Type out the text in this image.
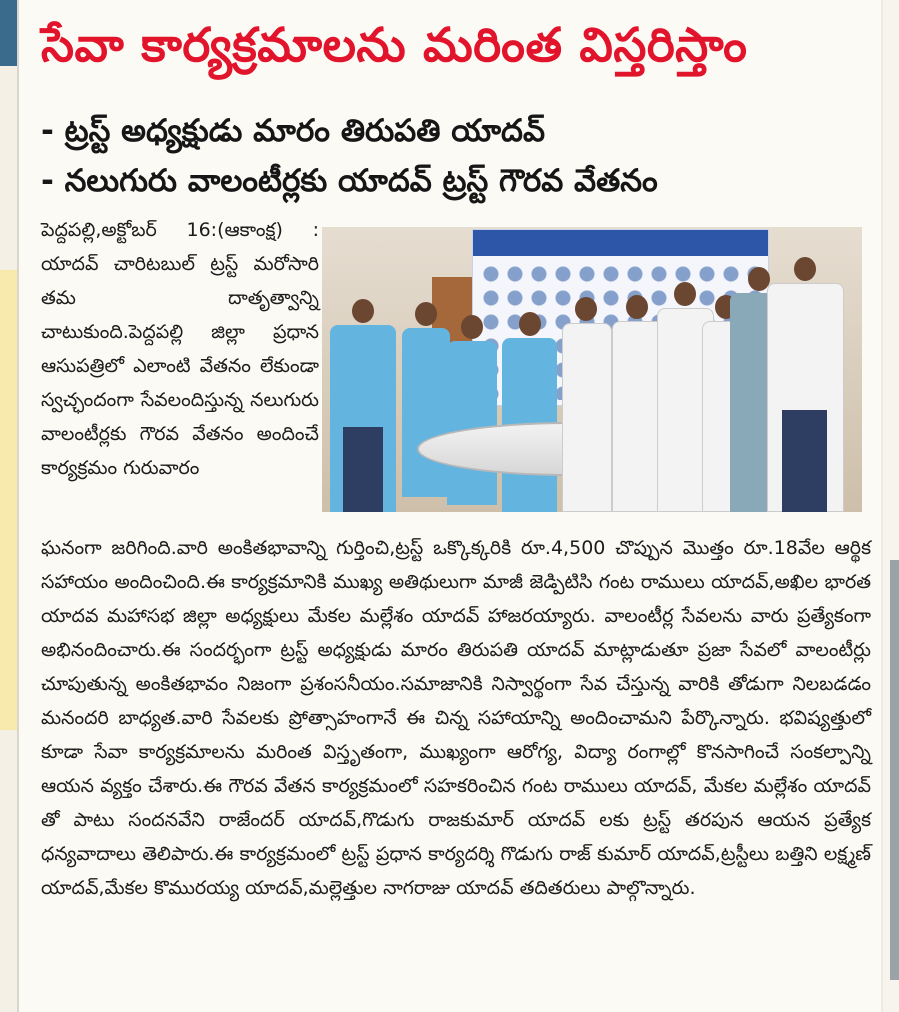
సేవా కార్యక్రమాలను మరింత విస్తరిస్తాం
- ట్రస్ట్ అధ్యక్షుడు మారం తిరుపతి యాదవ్
- నలుగురు వాలంటీర్లకు యాదవ్ ట్రస్ట్ గౌరవ వేతనం
పెద్దపల్లి,అక్టోబర్ 16:(ఆకాంక్ష) : యాదవ్ చారిటబుల్ ట్రస్ట్ మరోసారి తమ దాతృత్వాన్ని చాటుకుంది.పెద్దపల్లి జిల్లా ప్రధాన ఆసుపత్రిలో ఎలాంటి వేతనం లేకుండా స్వచ్ఛందంగా సేవలందిస్తున్న నలుగురు వాలంటీర్లకు గౌరవ వేతనం అందించే కార్యక్రమం గురువారం
ఘనంగా జరిగింది.వారి అంకితభావాన్ని గుర్తించి,ట్రస్ట్ ఒక్కొక్కరికి రూ.4,500 చొప్పున మొత్తం రూ.18వేల ఆర్థిక సహాయం అందించింది.ఈ కార్యక్రమానికి ముఖ్య అతిథులుగా మాజీ జెడ్పిటిసి గంట రాములు యాదవ్,అఖిల భారత యాదవ మహాసభ జిల్లా అధ్యక్షులు మేకల మల్లేశం యాదవ్ హాజరయ్యారు. వాలంటీర్ల సేవలను వారు ప్రత్యేకంగా అభినందించారు.ఈ సందర్భంగా ట్రస్ట్ అధ్యక్షుడు మారం తిరుపతి యాదవ్ మాట్లాడుతూ ప్రజా సేవలో వాలంటీర్లు చూపుతున్న అంకితభావం నిజంగా ప్రశంసనీయం.సమాజానికి నిస్వార్థంగా సేవ చేస్తున్న వారికి తోడుగా నిలబడడం మనందరి బాధ్యత.వారి సేవలకు ప్రోత్సాహంగానే ఈ చిన్న సహాయాన్ని అందించామని పేర్కొన్నారు. భవిష్యత్తులో కూడా సేవా కార్యక్రమాలను మరింత విస్తృతంగా, ముఖ్యంగా ఆరోగ్య, విద్యా రంగాల్లో కొనసాగించే సంకల్పాన్ని ఆయన వ్యక్తం చేశారు.ఈ గౌరవ వేతన కార్యక్రమంలో సహకరించిన గంట రాములు యాదవ్, మేకల మల్లేశం యాదవ్ తో పాటు సందనవేని రాజేందర్ యాదవ్,గొడుగు రాజకుమార్ యాదవ్ లకు ట్రస్ట్ తరపున ఆయన ప్రత్యేక ధన్యవాదాలు తెలిపారు.ఈ కార్యక్రమంలో ట్రస్ట్ ప్రధాన కార్యదర్శి గొడుగు రాజ్ కుమార్ యాదవ్,ట్రస్టీలు బత్తిని లక్ష్మణ్ యాదవ్,మేకల కొమురయ్య యాదవ్,మల్లెత్తుల నాగరాజు యాదవ్ తదితరులు పాల్గొన్నారు.
